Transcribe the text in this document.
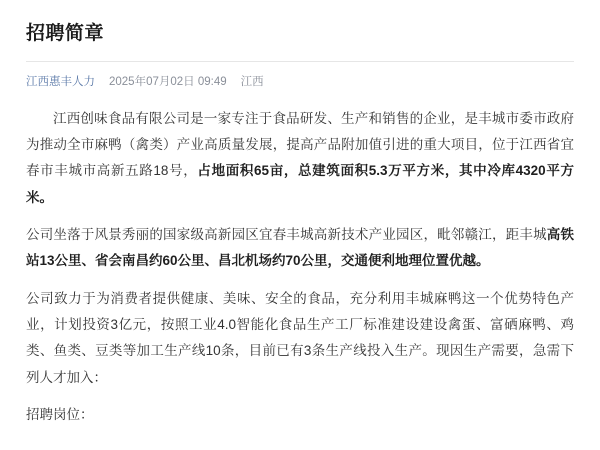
招聘简章
江西惠丰人力 2025年07月02日 09:49 江西

江西创味食品有限公司是一家专注于食品研发、生产和销售的企业，是丰城市委市政府为推动全市麻鸭（禽类）产业高质量发展，提高产品附加值引进的重大项目，位于江西省宜春市丰城市高新五路18号，占地面积65亩，总建筑面积5.3万平方米，其中冷库4320平方米。

公司坐落于风景秀丽的国家级高新园区宜春丰城高新技术产业园区，毗邻赣江，距丰城高铁站13公里、省会南昌约60公里、昌北机场约70公里，交通便利地理位置优越。

公司致力于为消费者提供健康、美味、安全的食品，充分利用丰城麻鸭这一个优势特色产业，计划投资3亿元，按照工业4.0智能化食品生产工厂标准建设建设禽蛋、富硒麻鸭、鸡类、鱼类、豆类等加工生产线10条，目前已有3条生产线投入生产。现因生产需要，急需下列人才加入：

招聘岗位：
